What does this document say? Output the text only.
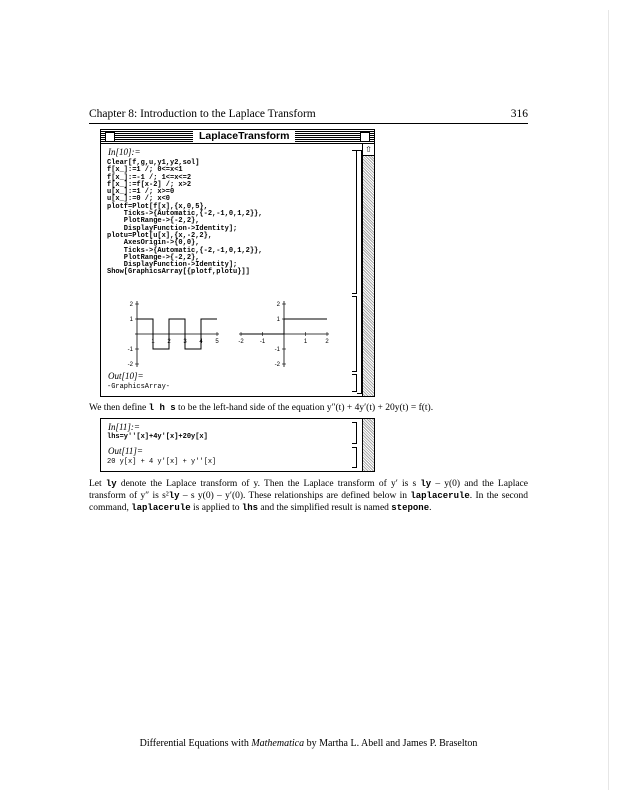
Chapter 8: Introduction to the Laplace Transform	316
LaplaceTransform
⇧
In[10]:=
Clear[f,g,u,y1,y2,sol]
f[x_]:=1 /; 0<=x<1
f[x_]:=-1 /; 1<=x<=2
f[x_]:=f[x-2] /; x>2
u[x_]:=1 /; x>=0
u[x_]:=0 /; x<0
plotf=Plot[f[x],{x,0,5},
Ticks->{Automatic,{-2,-1,0,1,2}},
PlotRange->{-2,2},
DisplayFunction->Identity];
plotu=Plot[u[x],{x,-2,2},
AxesOrigin->{0,0},
Ticks->{Automatic,{-2,-1,0,1,2}},
PlotRange->{-2,2},
DisplayFunction->Identity];
Show[GraphicsArray[{plotf,plotu}]]
2
1
-1
-2
1 2 3 4 5
2
1
-1
-2
-2	-1	1	2
Out[10]=
-GraphicsArray-
We then define l h s to be the left-hand side of the equation y″(t) + 4y′(t) + 20y(t) = f(t).
In[11]:=
lhs=y''[x]+4y'[x]+20y[x]
Out[11]=
20 y[x] + 4 y'[x] + y''[x]
Let ly denote the Laplace transform of y. Then the Laplace transform of y′ is s ly – y(0) and the Laplace transform of y″ is s²ly – s y(0) – y′(0). These relationships are defined below in laplacerule. In the second command, laplacerule is applied to lhs and the simplified result is named stepone.
Differential Equations with Mathematica by Martha L. Abell and James P. Braselton
